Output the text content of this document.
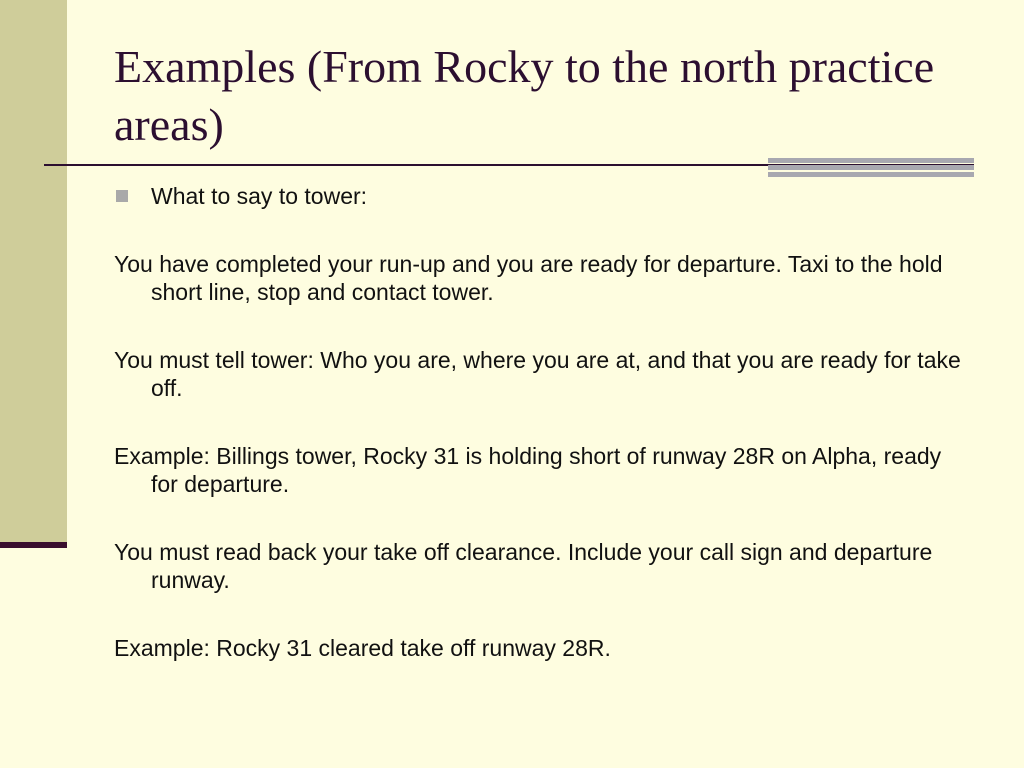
Examples (From Rocky to the north practice areas)
What to say to tower:

You have completed your run-up and you are ready for departure. Taxi to the hold short line, stop and contact tower.

You must tell tower: Who you are, where you are at, and that you are ready for take off.

Example: Billings tower, Rocky 31 is holding short of runway 28R on Alpha, ready for departure.

You must read back your take off clearance. Include your call sign and departure runway.

Example: Rocky 31 cleared take off runway 28R.
